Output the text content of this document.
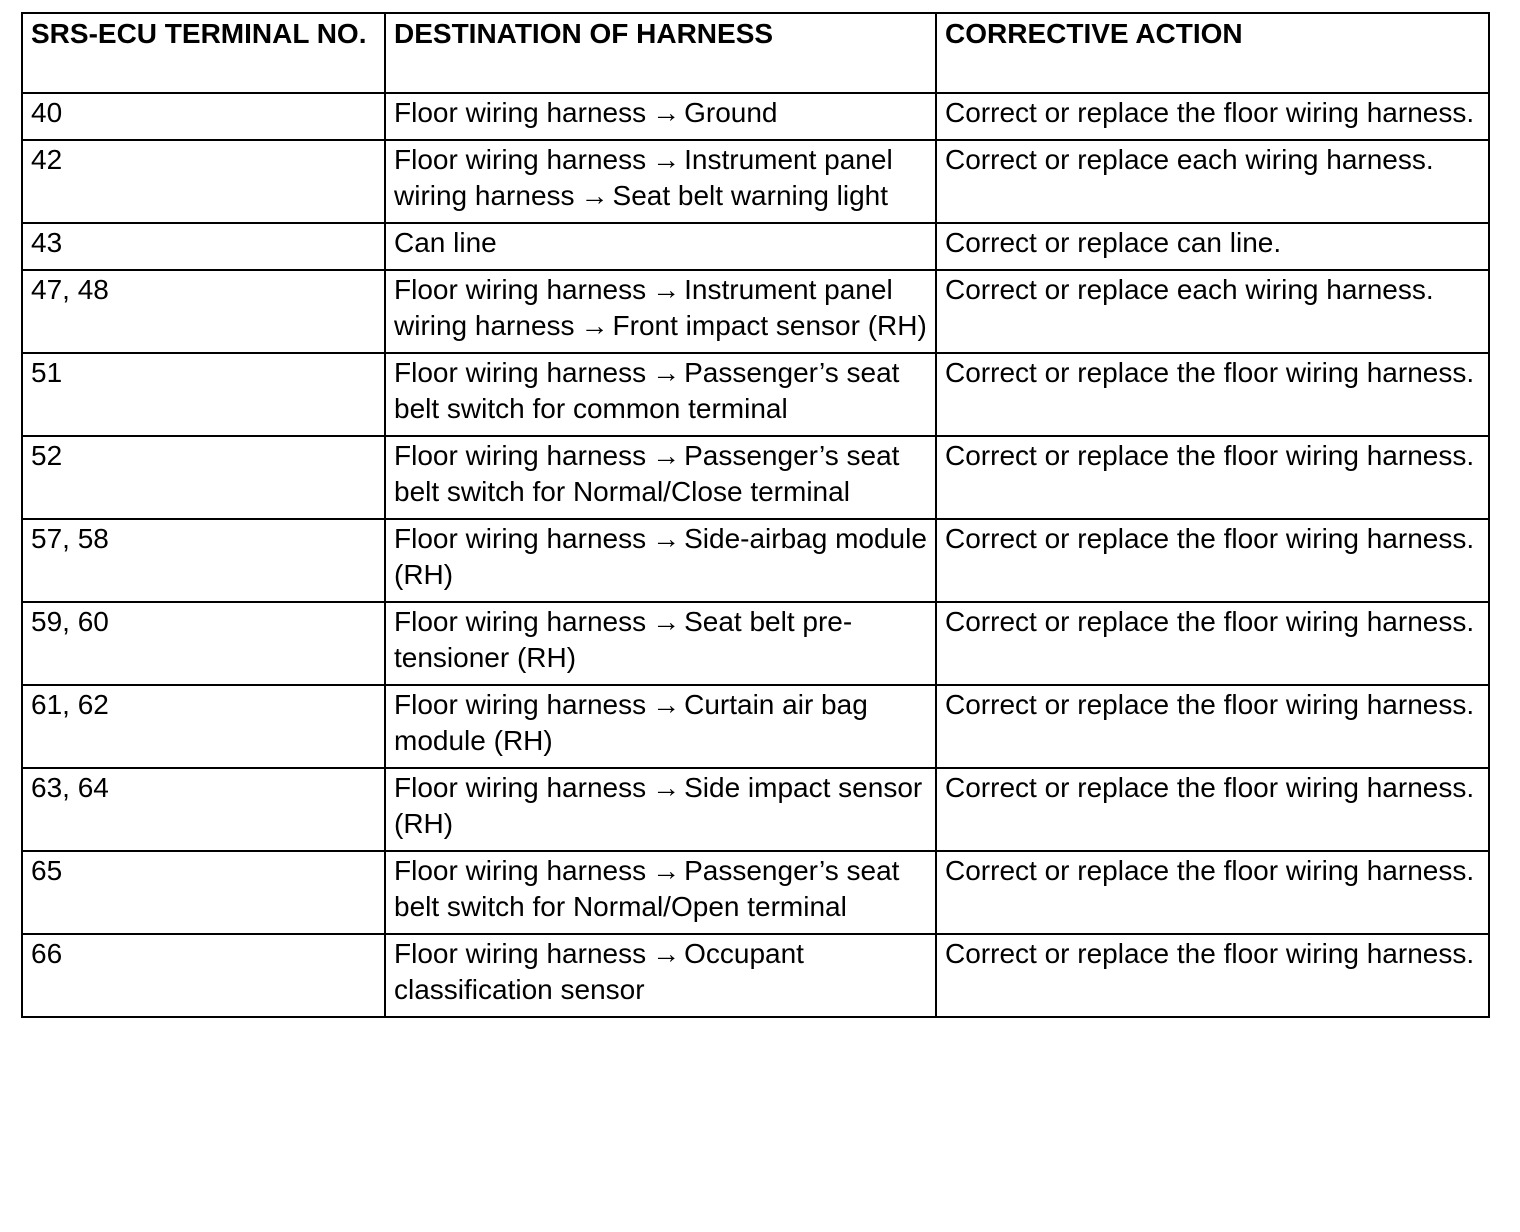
SRS-ECU TERMINAL NO.	DESTINATION OF HARNESS	CORRECTIVE ACTION
40	Floor wiring harness → Ground	Correct or replace the floor wiring harness.
42	Floor wiring harness → Instrument panel wiring harness → Seat belt warning light	Correct or replace each wiring harness.
43	Can line	Correct or replace can line.
47, 48	Floor wiring harness → Instrument panel wiring harness → Front impact sensor (RH)	Correct or replace each wiring harness.
51	Floor wiring harness → Passenger’s seat belt switch for common terminal	Correct or replace the floor wiring harness.
52	Floor wiring harness → Passenger’s seat belt switch for Normal/Close terminal	Correct or replace the floor wiring harness.
57, 58	Floor wiring harness → Side-airbag module (RH)	Correct or replace the floor wiring harness.
59, 60	Floor wiring harness → Seat belt pre-tensioner (RH)	Correct or replace the floor wiring harness.
61, 62	Floor wiring harness → Curtain air bag module (RH)	Correct or replace the floor wiring harness.
63, 64	Floor wiring harness → Side impact sensor (RH)	Correct or replace the floor wiring harness.
65	Floor wiring harness → Passenger’s seat belt switch for Normal/Open terminal	Correct or replace the floor wiring harness.
66	Floor wiring harness → Occupant classification sensor	Correct or replace the floor wiring harness.
